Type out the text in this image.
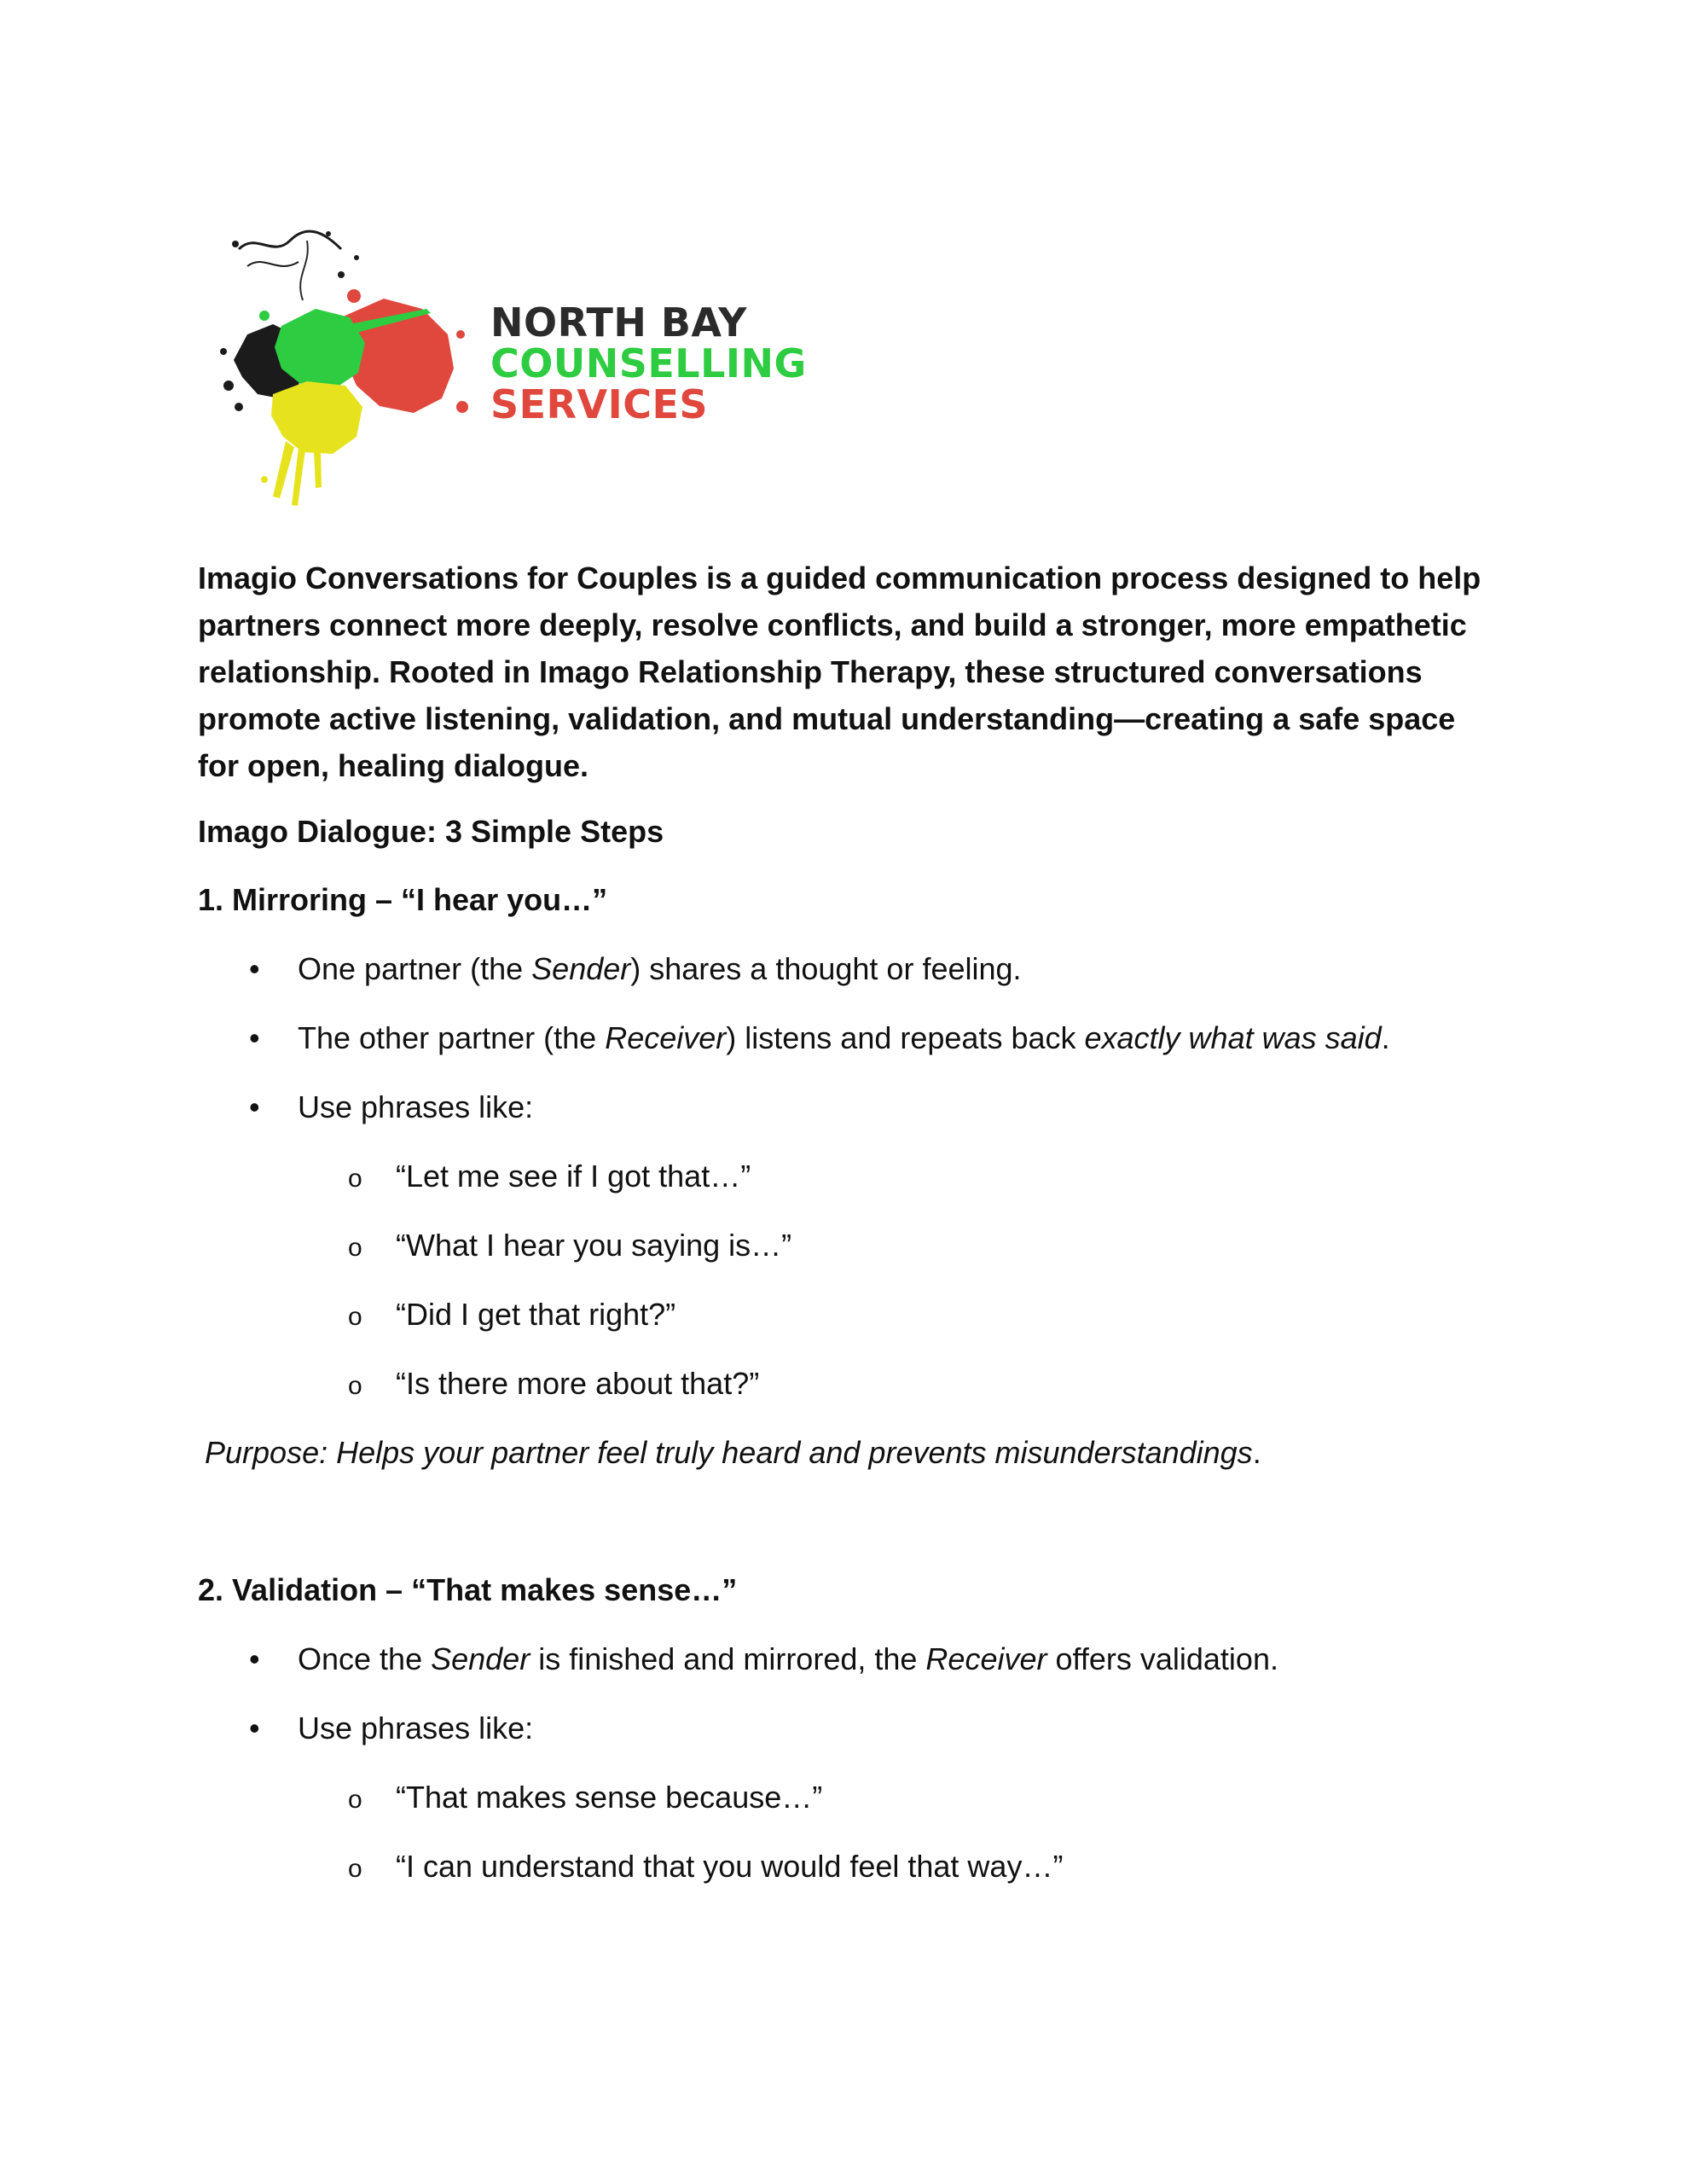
NORTH BAY
COUNSELLING
SERVICES

Imagio Conversations for Couples is a guided communication process designed to help partners connect more deeply, resolve conflicts, and build a stronger, more empathetic relationship. Rooted in Imago Relationship Therapy, these structured conversations promote active listening, validation, and mutual understanding—creating a safe space for open, healing dialogue.

Imago Dialogue: 3 Simple Steps

1. Mirroring – “I hear you…”

• One partner (the Sender) shares a thought or feeling.
• The other partner (the Receiver) listens and repeats back exactly what was said.
• Use phrases like:
o “Let me see if I got that…”
o “What I hear you saying is…”
o “Did I get that right?”
o “Is there more about that?”

Purpose: Helps your partner feel truly heard and prevents misunderstandings.

2. Validation – “That makes sense…”

• Once the Sender is finished and mirrored, the Receiver offers validation.
• Use phrases like:
o “That makes sense because…”
o “I can understand that you would feel that way…”
